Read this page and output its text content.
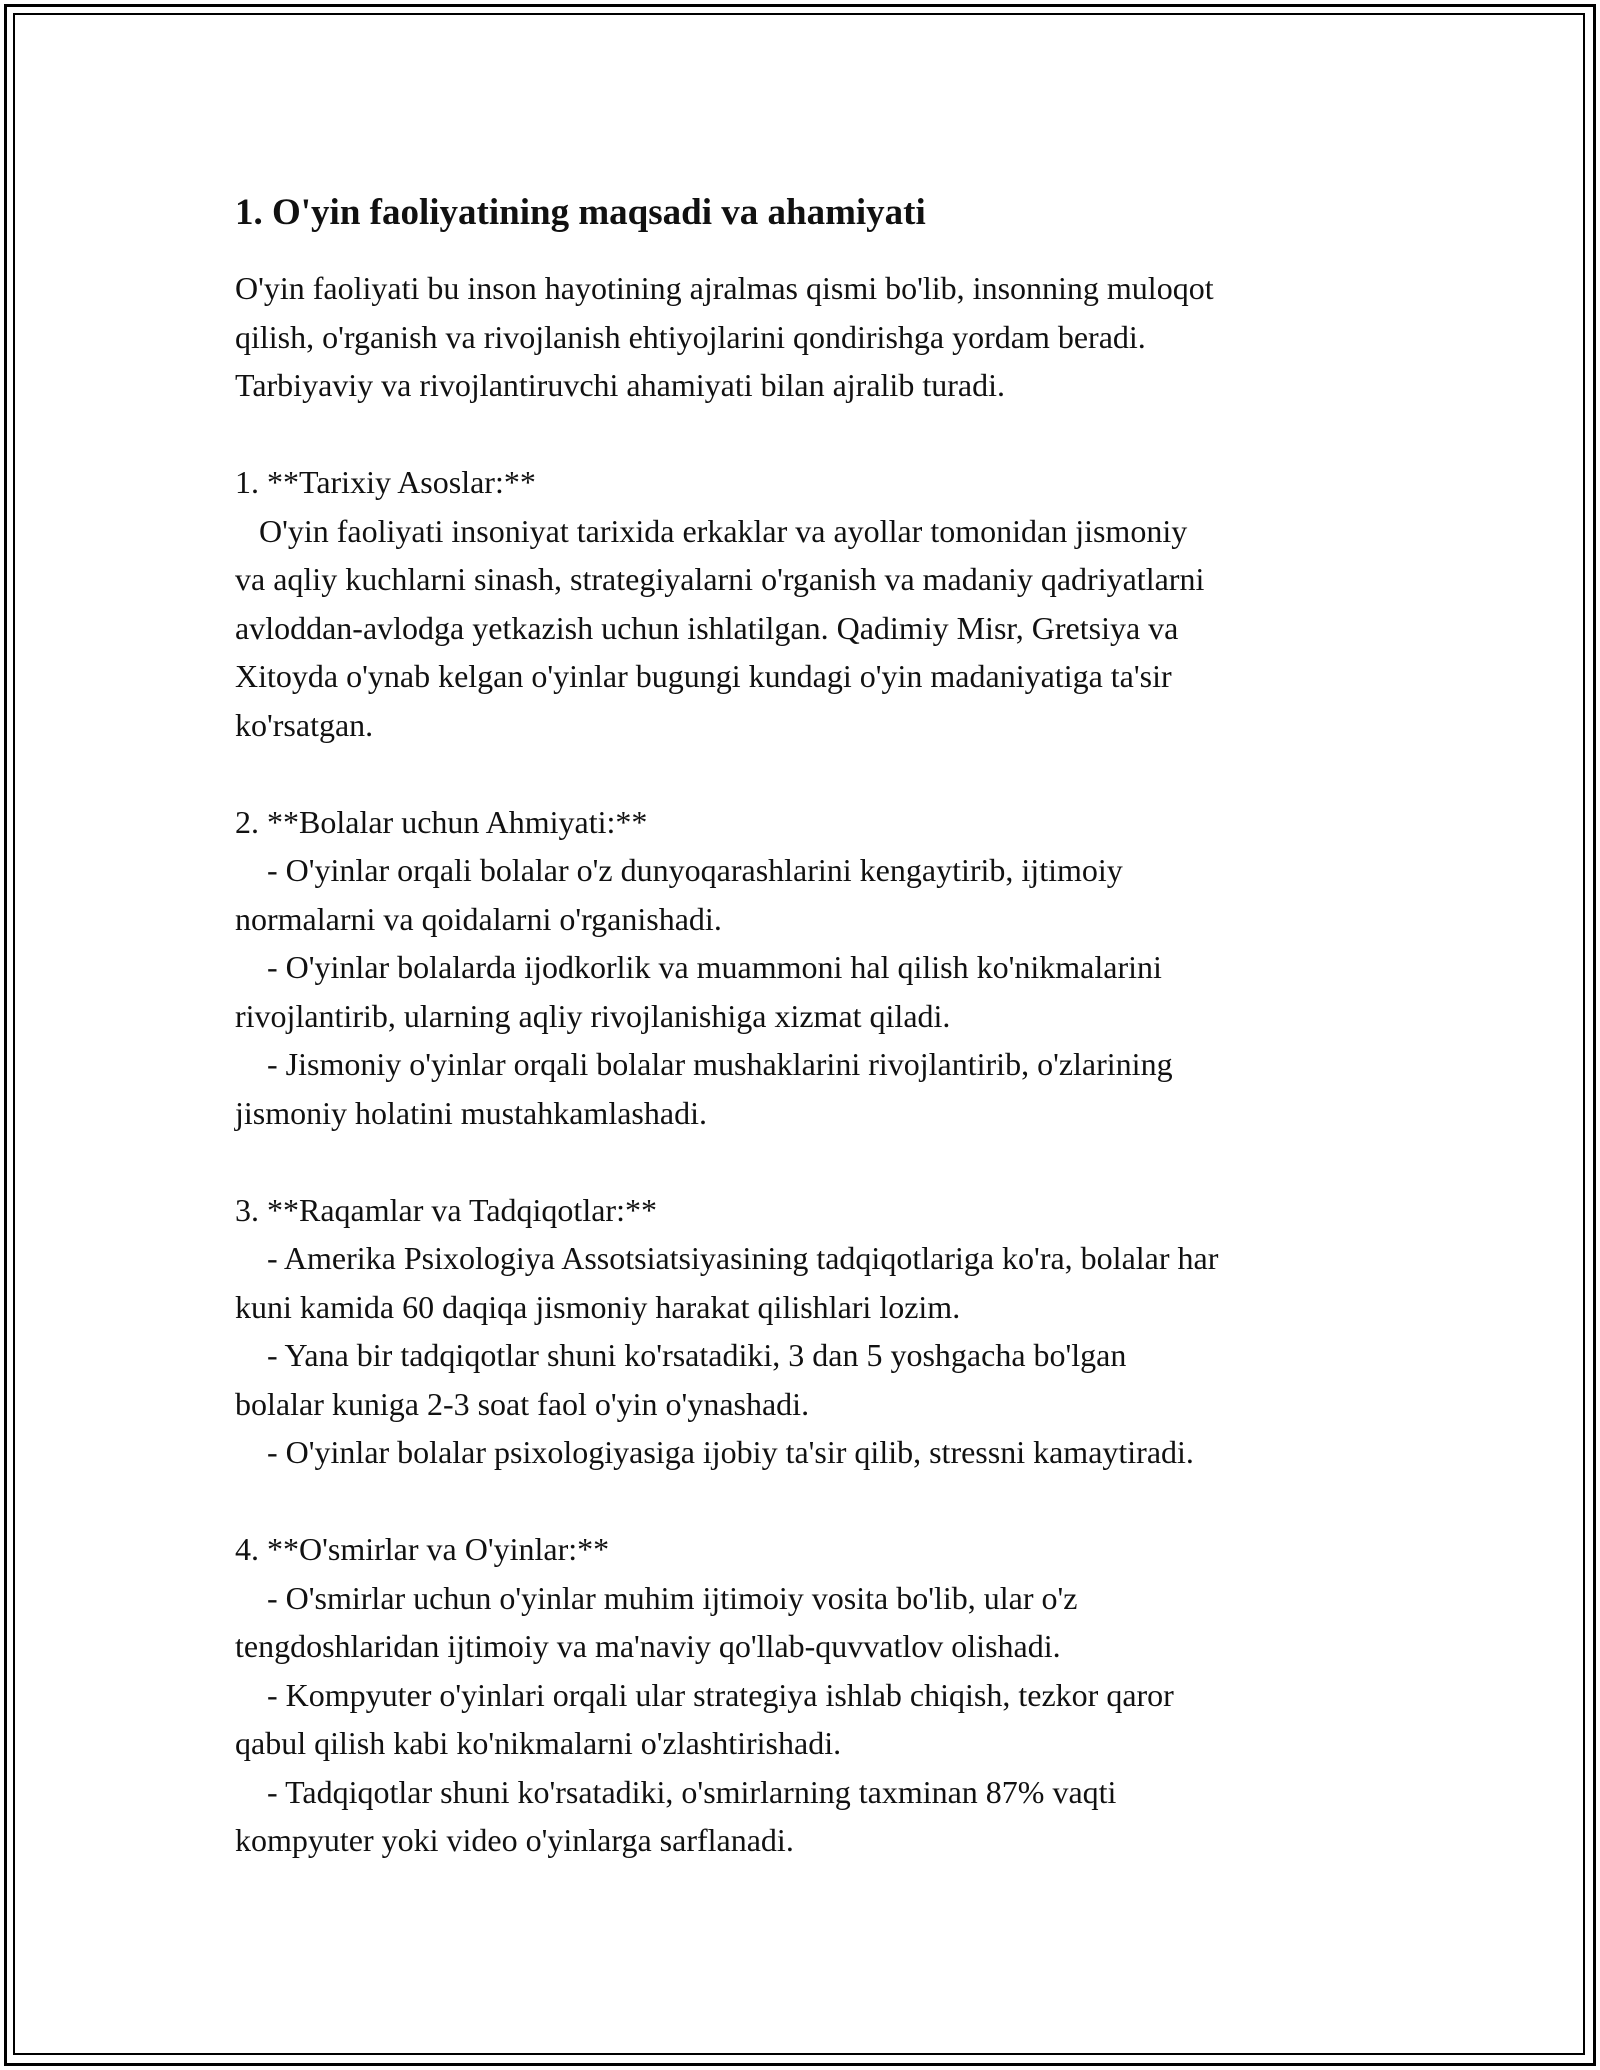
1. O'yin faoliyatining maqsadi va ahamiyati

O'yin faoliyati bu inson hayotining ajralmas qismi bo'lib, insonning muloqot
qilish, o'rganish va rivojlanish ehtiyojlarini qondirishga yordam beradi.
Tarbiyaviy va rivojlantiruvchi ahamiyati bilan ajralib turadi.

1. **Tarixiy Asoslar:**
O'yin faoliyati insoniyat tarixida erkaklar va ayollar tomonidan jismoniy
va aqliy kuchlarni sinash, strategiyalarni o'rganish va madaniy qadriyatlarni
avloddan-avlodga yetkazish uchun ishlatilgan. Qadimiy Misr, Gretsiya va
Xitoyda o'ynab kelgan o'yinlar bugungi kundagi o'yin madaniyatiga ta'sir
ko'rsatgan.

2. **Bolalar uchun Ahmiyati:**
- O'yinlar orqali bolalar o'z dunyoqarashlarini kengaytirib, ijtimoiy
normalarni va qoidalarni o'rganishadi.
- O'yinlar bolalarda ijodkorlik va muammoni hal qilish ko'nikmalarini
rivojlantirib, ularning aqliy rivojlanishiga xizmat qiladi.
- Jismoniy o'yinlar orqali bolalar mushaklarini rivojlantirib, o'zlarining
jismoniy holatini mustahkamlashadi.

3. **Raqamlar va Tadqiqotlar:**
- Amerika Psixologiya Assotsiatsiyasining tadqiqotlariga ko'ra, bolalar har
kuni kamida 60 daqiqa jismoniy harakat qilishlari lozim.
- Yana bir tadqiqotlar shuni ko'rsatadiki, 3 dan 5 yoshgacha bo'lgan
bolalar kuniga 2-3 soat faol o'yin o'ynashadi.
- O'yinlar bolalar psixologiyasiga ijobiy ta'sir qilib, stressni kamaytiradi.

4. **O'smirlar va O'yinlar:**
- O'smirlar uchun o'yinlar muhim ijtimoiy vosita bo'lib, ular o'z
tengdoshlaridan ijtimoiy va ma'naviy qo'llab-quvvatlov olishadi.
- Kompyuter o'yinlari orqali ular strategiya ishlab chiqish, tezkor qaror
qabul qilish kabi ko'nikmalarni o'zlashtirishadi.
- Tadqiqotlar shuni ko'rsatadiki, o'smirlarning taxminan 87% vaqti
kompyuter yoki video o'yinlarga sarflanadi.
